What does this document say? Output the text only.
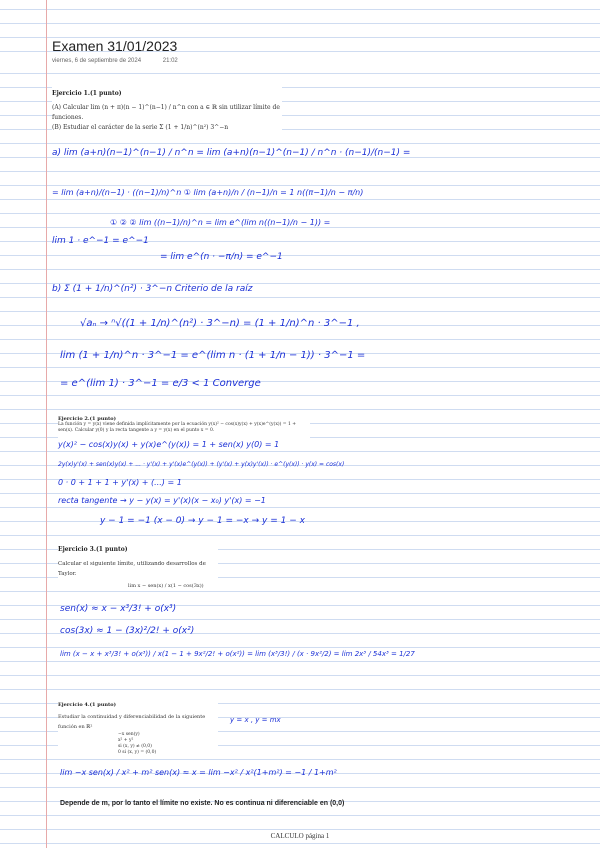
Examen 31/01/2023
viernes, 6 de septiembre de 2024	21:02
Ejercicio 1.(1 punto)
(A) Calcular lim (n + π)(n − 1)^(n−1) / n^n con a ∈ ℝ sin utilizar límite de funciones.
(B) Estudiar el carácter de la serie Σ (1 + 1/n)^(n²) 3^−n
a) lim (a+n)(n−1)^(n−1) / n^n = lim (a+n)(n−1)^(n−1) / n^n · (n−1)/(n−1) =
= lim (a+n)/(n−1) · ((n−1)/n)^n ① lim (a+n)/n / (n−1)/n = 1 n((π−1)/n − π/n)
① ② ② lim ((n−1)/n)^n = lim e^(lim n((n−1)/n − 1)) =
lim 1 · e^−1 = e^−1
= lim e^(n · −π/n) = e^−1
b) Σ (1 + 1/n)^(n²) · 3^−n Criterio de la raíz
√aₙ → ⁿ√((1 + 1/n)^(n²) · 3^−n) = (1 + 1/n)^n · 3^−1 ,
lim (1 + 1/n)^n · 3^−1 = e^(lim n · (1 + 1/n − 1)) · 3^−1 =
= e^(lim 1) · 3^−1 = e/3 < 1 Converge
Ejercicio 2.(1 punto)
La función y = y(x) viene definida implícitamente por la ecuación y(x)² − cos(x)y(x) + y(x)e^(y(x)) = 1 + sen(x). Calcular y(0) y la recta tangente a y = y(x) en el punto x = 0.
y(x)² − cos(x)y(x) + y(x)e^(y(x)) = 1 + sen(x) y(0) = 1
2y(x)y'(x) + sen(x)y(x) + ... · y'(x) + y'(x)e^(y(x)) + (y'(x) + y(x)y'(x)) · e^(y(x)) · y(x) = cos(x)
0 · 0 + 1 + 1 + y'(x) + (...) = 1
recta tangente → y − y(x) = y'(x)(x − x₀) y'(x) = −1
y − 1 = −1 (x − 0) → y − 1 = −x → y = 1 − x
Ejercicio 3.(1 punto)
Calcular el siguiente límite, utilizando desarrollos de Taylor.
lim x − sen(x) / x(1 − cos(3x))
sen(x) ≈ x − x³/3! + o(x³)
cos(3x) ≈ 1 − (3x)²/2! + o(x²)
lim (x − x + x³/3! + o(x³)) / x(1 − 1 + 9x²/2! + o(x²)) = lim (x³/3!) / (x · 9x²/2) = lim 2x³ / 54x³ = 1/27
Ejercicio 4.(1 punto)
Estudiar la continuidad y diferenciabilidad de la siguiente función en ℝ²
−x sen(y)
x² + y²
si (x, y) ≠ (0,0)
0 si (x, y) = (0,0)
y = x , y = mx
lim −x sen(x) / x² + m² sen(x) ≈ x = lim −x² / x²(1+m²) = −1 / 1+m²
Depende de m, por lo tanto el límite no existe. No es continua ni diferenciable en (0,0)
CALCULO página 1
